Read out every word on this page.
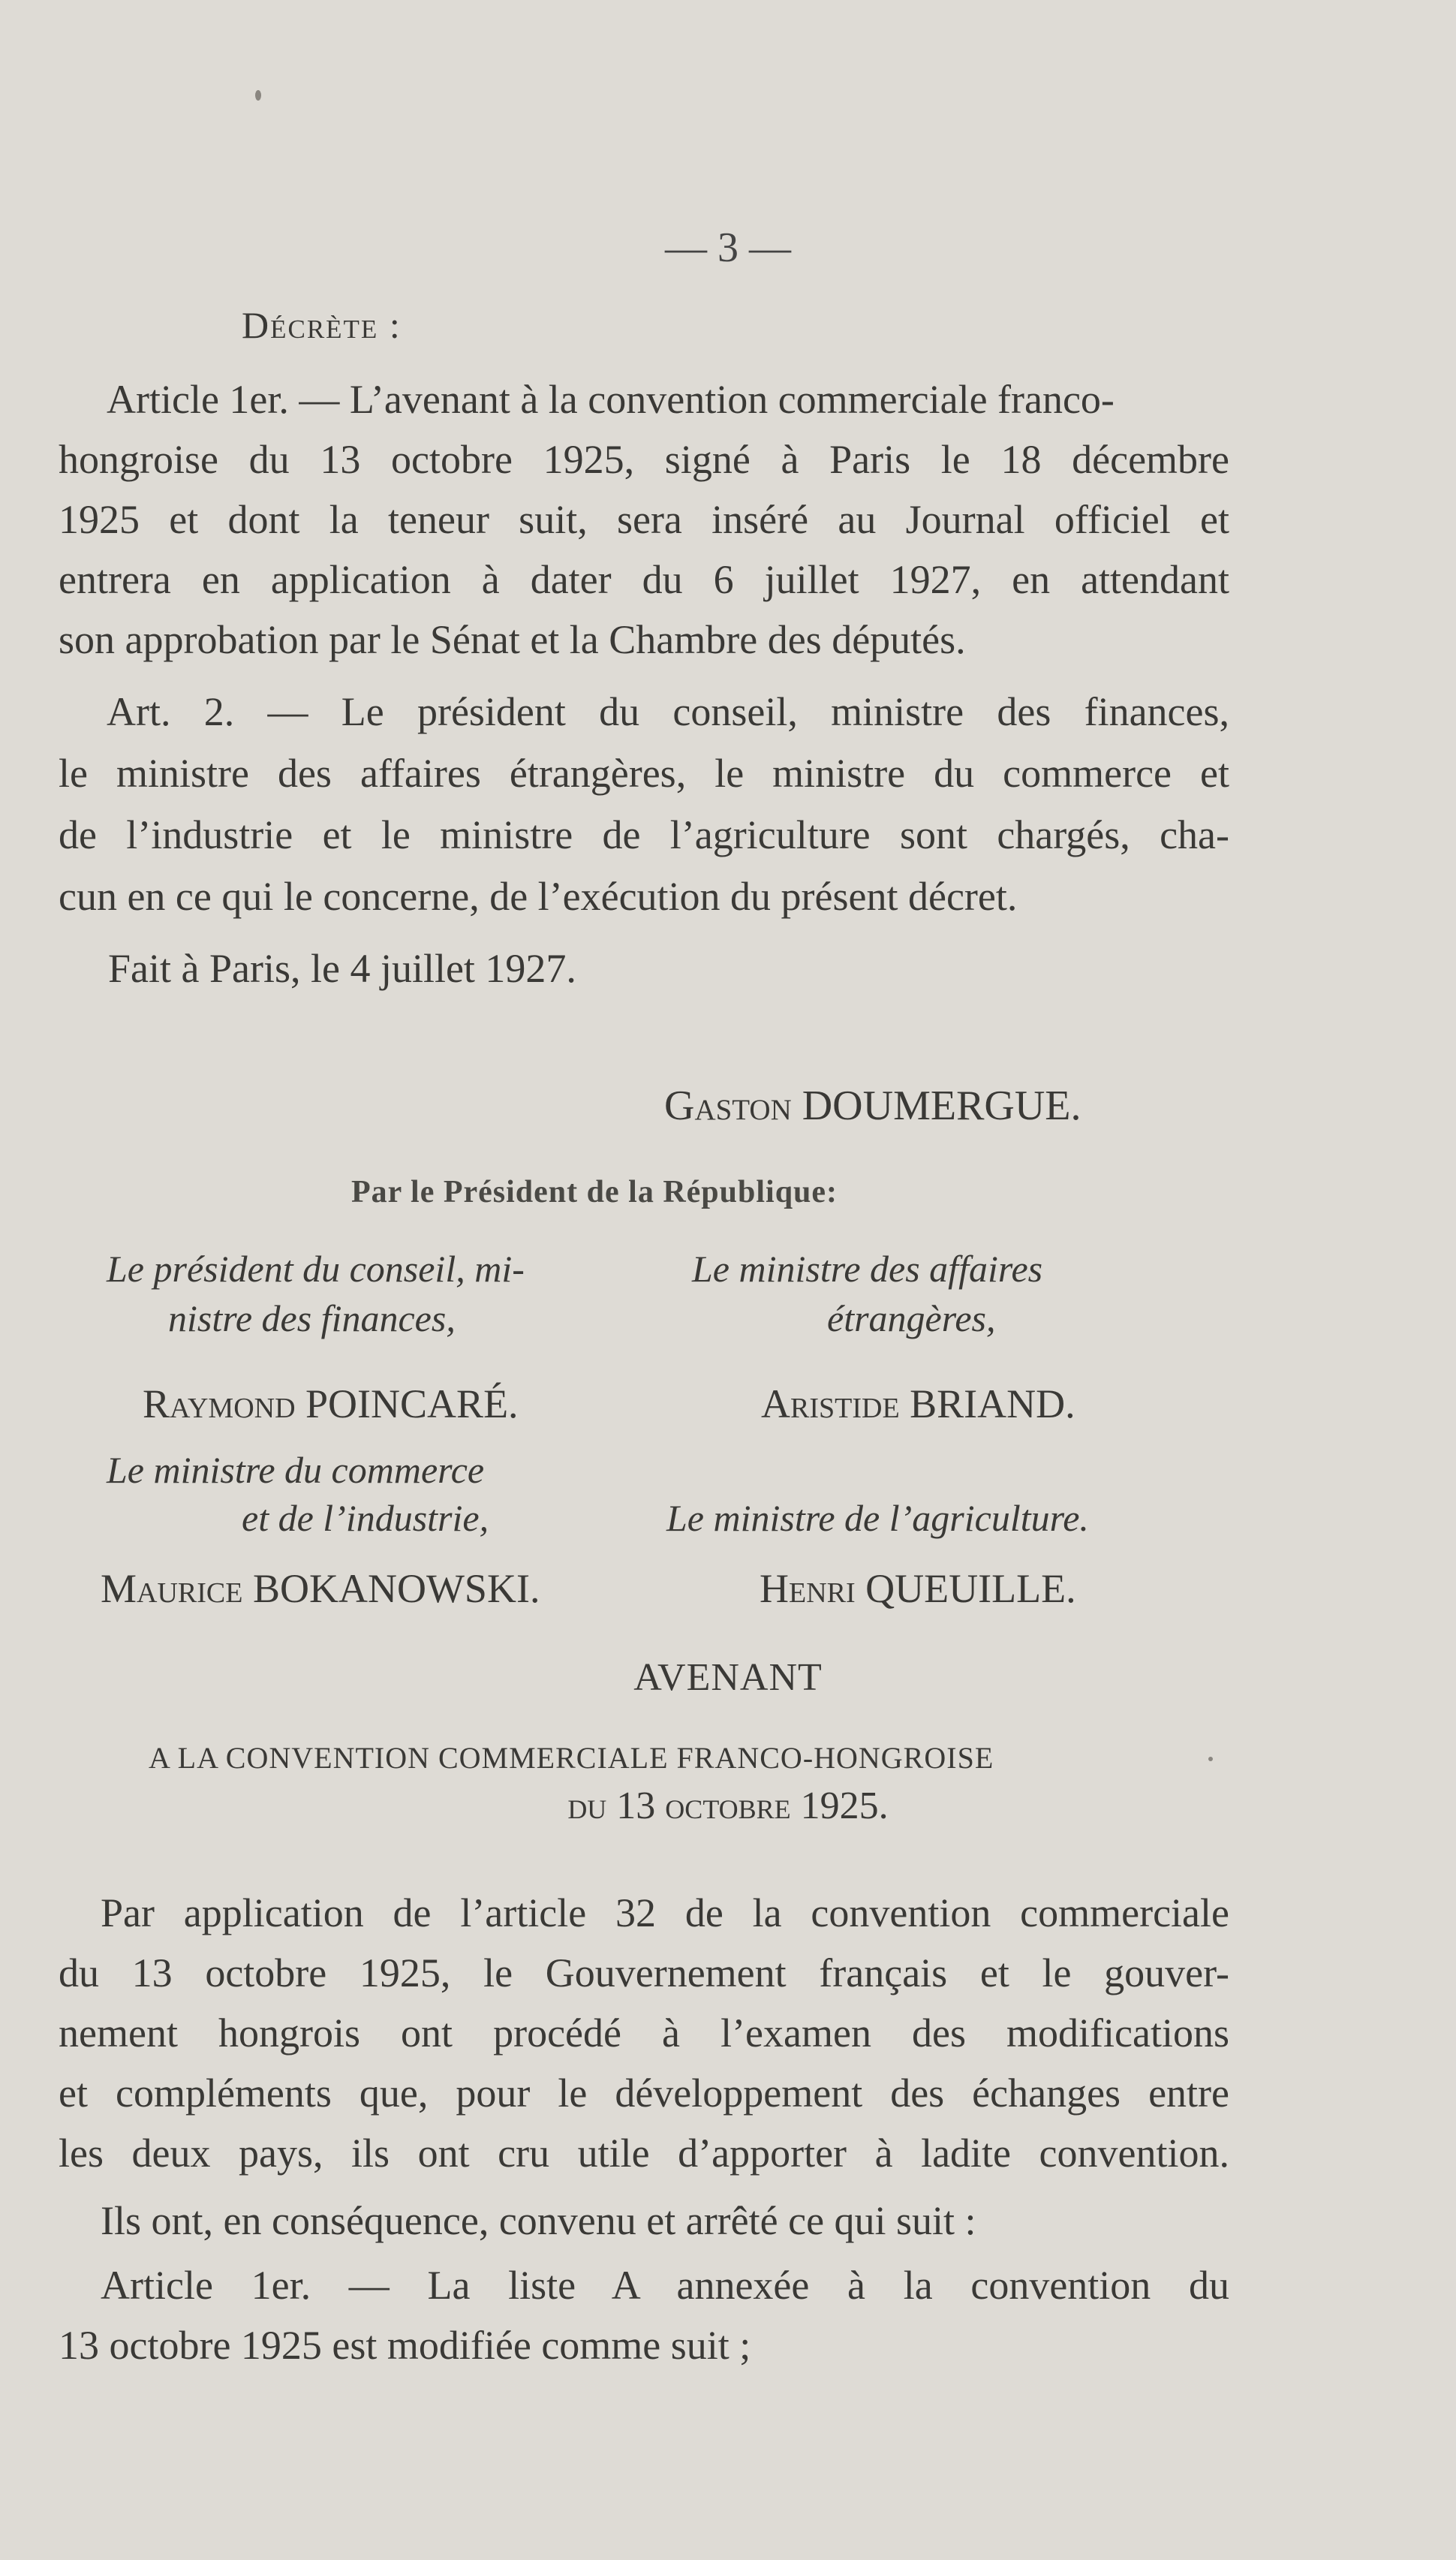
— 3 —
Décrète :
Article 1er. — L’avenant à la convention commerciale franco-
hongroise du 13 octobre 1925, signé à Paris le 18 décembre
1925 et dont la teneur suit, sera inséré au Journal officiel et
entrera en application à dater du 6 juillet 1927, en attendant
son approbation par le Sénat et la Chambre des députés.
Art. 2. — Le président du conseil, ministre des finances,
le ministre des affaires étrangères, le ministre du commerce et
de l’industrie et le ministre de l’agriculture sont chargés, cha-
cun en ce qui le concerne, de l’exécution du présent décret.
Fait à Paris, le 4 juillet 1927.
Gaston DOUMERGUE.
Par le Président de la République:
Le président du conseil, mi-
nistre des finances,
Raymond POINCARÉ.
Le ministre du commerce
et de l’industrie,
Maurice BOKANOWSKI.
Le ministre des affaires
étrangères,
Aristide BRIAND.
Le ministre de l’agriculture.
Henri QUEUILLE.
AVENANT
A LA CONVENTION COMMERCIALE FRANCO-HONGROISE
du 13 octobre 1925.
Par application de l’article 32 de la convention commerciale
du 13 octobre 1925, le Gouvernement français et le gouver-
nement hongrois ont procédé à l’examen des modifications
et compléments que, pour le développement des échanges entre
les deux pays, ils ont cru utile d’apporter à ladite convention.
Ils ont, en conséquence, convenu et arrêté ce qui suit :
Article 1er. — La liste A annexée à la convention du
13 octobre 1925 est modifiée comme suit ;
